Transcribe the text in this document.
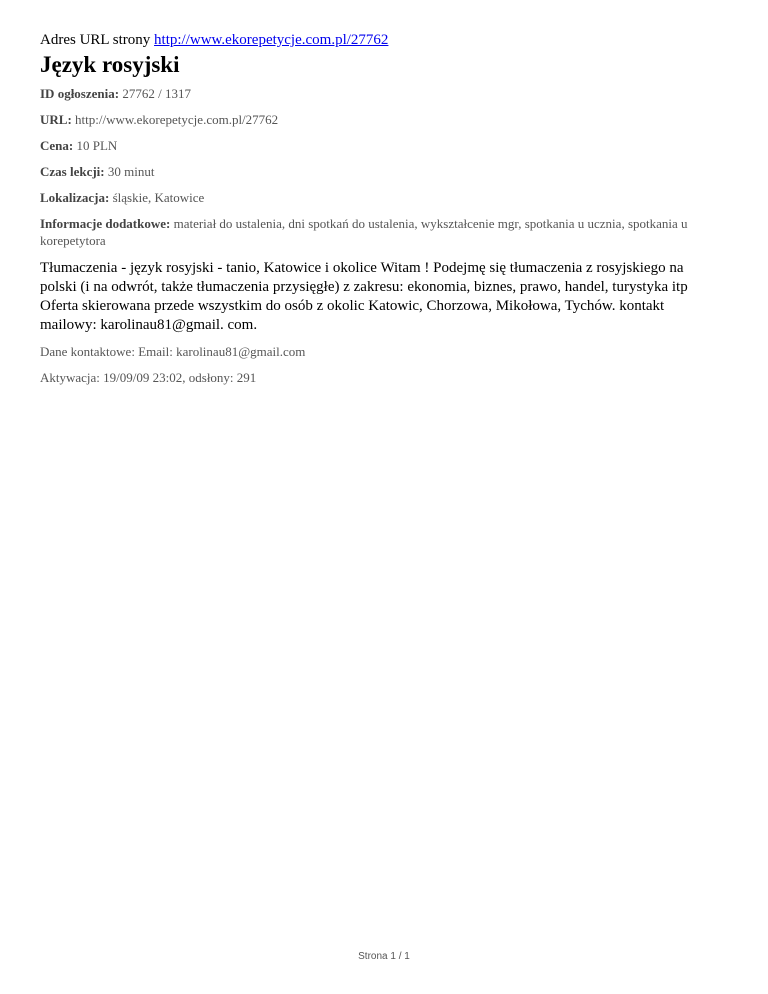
Adres URL strony http://www.ekorepetycje.com.pl/27762

Język rosyjski

ID ogłoszenia: 27762 / 1317

URL: http://www.ekorepetycje.com.pl/27762

Cena: 10 PLN

Czas lekcji: 30 minut

Lokalizacja: śląskie, Katowice

Informacje dodatkowe: materiał do ustalenia, dni spotkań do ustalenia, wykształcenie mgr, spotkania u ucznia, spotkania u korepetytora

Tłumaczenia - język rosyjski - tanio, Katowice i okolice Witam ! Podejmę się tłumaczenia z rosyjskiego na polski (i na odwrót, także tłumaczenia przysięgłe) z zakresu: ekonomia, biznes, prawo, handel, turystyka itp Oferta skierowana przede wszystkim do osób z okolic Katowic, Chorzowa, Mikołowa, Tychów. kontakt mailowy: karolinau81@gmail. com.

Dane kontaktowe: Email: karolinau81@gmail.com

Aktywacja: 19/09/09 23:02, odsłony: 291

Strona 1 / 1
